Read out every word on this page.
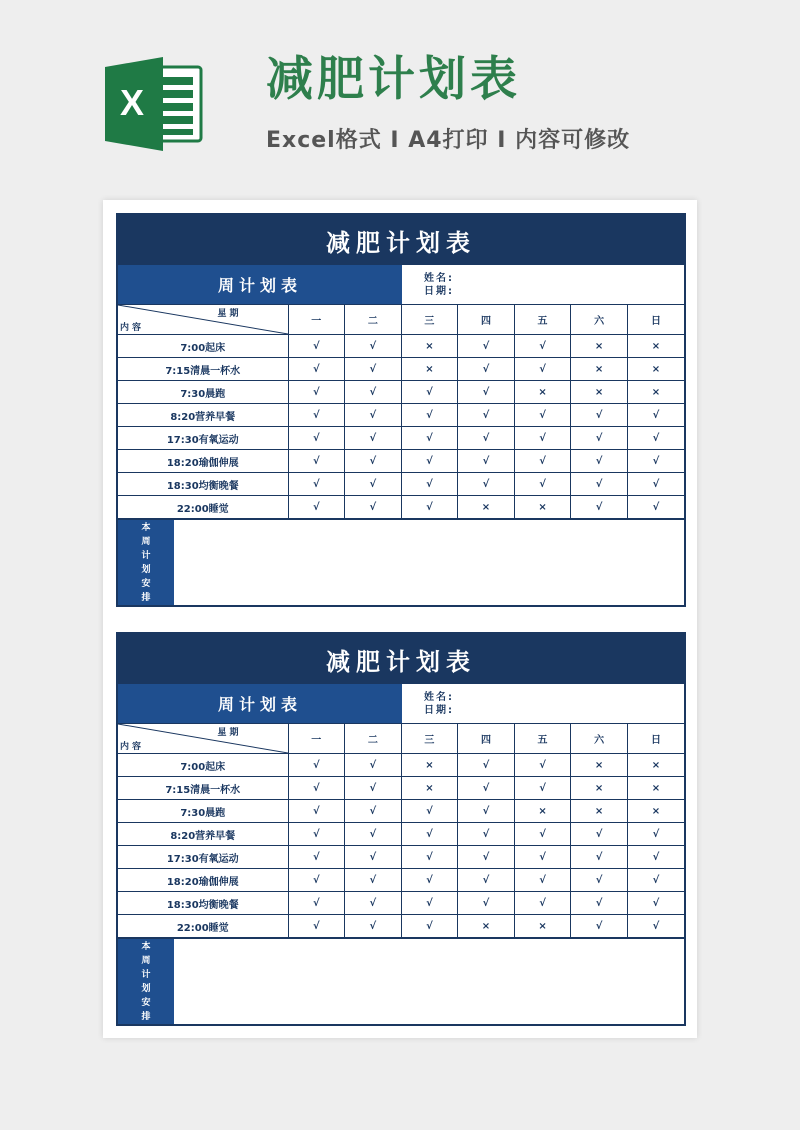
X	减肥计划表
Excel格式 I A4打印 I 内容可修改
减肥计划表
周计划表	姓名:
日期:
星期
内容	一	二	三	四	五	六	日
7:00起床	√	√	×	√	√	×	×
7:15清晨一杯水	√	√	×	√	√	×	×
7:30晨跑	√	√	√	√	×	×	×
8:20营养早餐	√	√	√	√	√	√	√
17:30有氧运动	√	√	√	√	√	√	√
18:20瑜伽伸展	√	√	√	√	√	√	√
18:30均衡晚餐	√	√	√	√	√	√	√
22:00睡觉	√	√	√	×	×	√	√
本
周
计
划
安
排
减肥计划表
周计划表	姓名:
日期:
星期
内容	一	二	三	四	五	六	日
7:00起床	√	√	×	√	√	×	×
7:15清晨一杯水	√	√	×	√	√	×	×
7:30晨跑	√	√	√	√	×	×	×
8:20营养早餐	√	√	√	√	√	√	√
17:30有氧运动	√	√	√	√	√	√	√
18:20瑜伽伸展	√	√	√	√	√	√	√
18:30均衡晚餐	√	√	√	√	√	√	√
22:00睡觉	√	√	√	×	×	√	√
本
周
计
划
安
排
